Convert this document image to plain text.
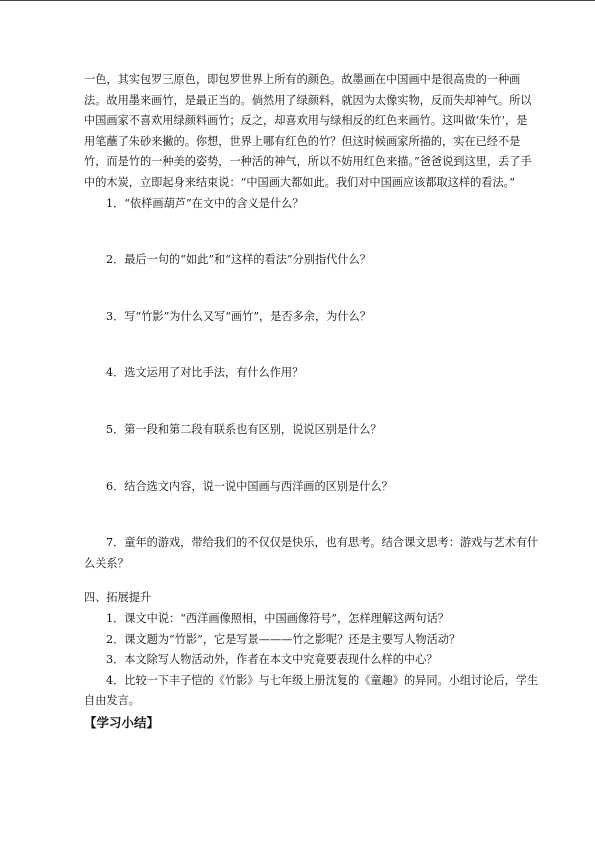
一色，其实包罗三原色，即包罗世界上所有的颜色。故墨画在中国画中是很高贵的一种画
法。故用墨来画竹，是最正当的。倘然用了绿颜料，就因为太像实物，反而失却神气。所以
中国画家不喜欢用绿颜料画竹；反之，却喜欢用与绿相反的红色来画竹。这叫做‘朱竹’，是
用笔蘸了朱砂来撇的。你想，世界上哪有红色的竹？但这时候画家所描的，实在已经不是
竹，而是竹的一种美的姿势，一种活的神气，所以不妨用红色来描。”爸爸说到这里，丢了手
中的木炭，立即起身来结束说：“中国画大都如此。我们对中国画应该都取这样的看法。”
1．“依样画葫芦”在文中的含义是什么？
2．最后一句的“如此”和“这样的看法”分别指代什么？
3．写“竹影”为什么又写“画竹”，是否多余，为什么？
4．选文运用了对比手法，有什么作用？
5．第一段和第二段有联系也有区别，说说区别是什么？
6．结合选文内容，说一说中国画与西洋画的区别是什么？
7．童年的游戏，带给我们的不仅仅是快乐，也有思考。结合课文思考：游戏与艺术有什
么关系？
四、拓展提升
1．课文中说：“西洋画像照相，中国画像符号”，怎样理解这两句话？
2．课文题为“竹影”，它是写景———竹之影呢？还是主要写人物活动？
3．本文除写人物活动外，作者在本文中究竟要表现什么样的中心？
4．比较一下丰子恺的《竹影》与七年级上册沈复的《童趣》的异同。小组讨论后，学生
自由发言。
【学习小结】
